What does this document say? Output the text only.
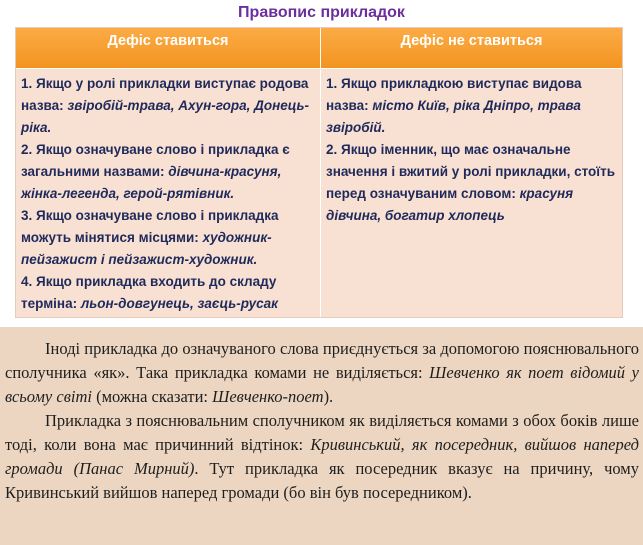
Правопис прикладок
Дефіс ставиться	Дефіс не ставиться

1. Якщо у ролі прикладки виступає родова назва: звіробій-трава, Ахун-гора, Донець-ріка.

2. Якщо означуване слово і прикладка є загальними назвами: дівчина-красуня, жінка-легенда, герой-рятівник.

3. Якщо означуване слово і прикладка можуть мінятися місцями: художник-пейзажист і пейзажист-художник.

4. Якщо прикладка входить до складу терміна: льон-довгунець, заєць-русак

1. Якщо прикладкою виступає видова назва: місто Київ, ріка Дніпро, трава звіробій.

2. Якщо іменник, що має означальне значення і вжитий у ролі прикладки, стоїть перед означуваним словом: красуня дівчина, богатир хлопець

Іноді прикладка до означуваного слова приєднується за допомогою пояснювального сполучника «як». Така прикладка комами не виділяється: Шевченко як поет відомий у всьому світі (можна сказати: Шевченко-поет).

Прикладка з пояснювальним сполучником як виділяється комами з обох боків лише тоді, коли вона має причинний відтінок: Кривинський, як посередник, вийшов наперед громади (Панас Мирний). Тут прикладка як посередник вказує на причину, чому Кривинський вийшов наперед громади (бо він був посередником).
